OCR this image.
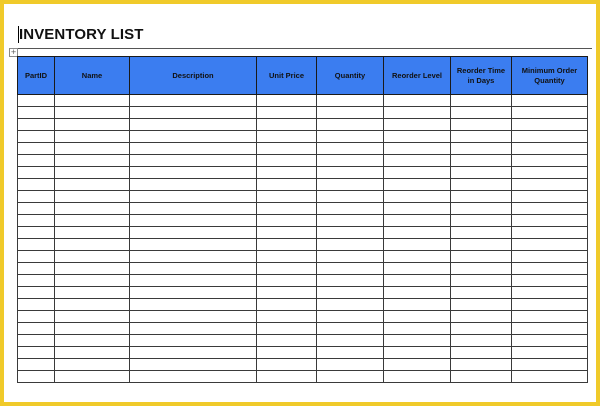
INVENTORY LIST
+
PartID	Name	Description	Unit Price	Quantity	Reorder Level	Reorder Time in Days	Minimum Order Quantity
